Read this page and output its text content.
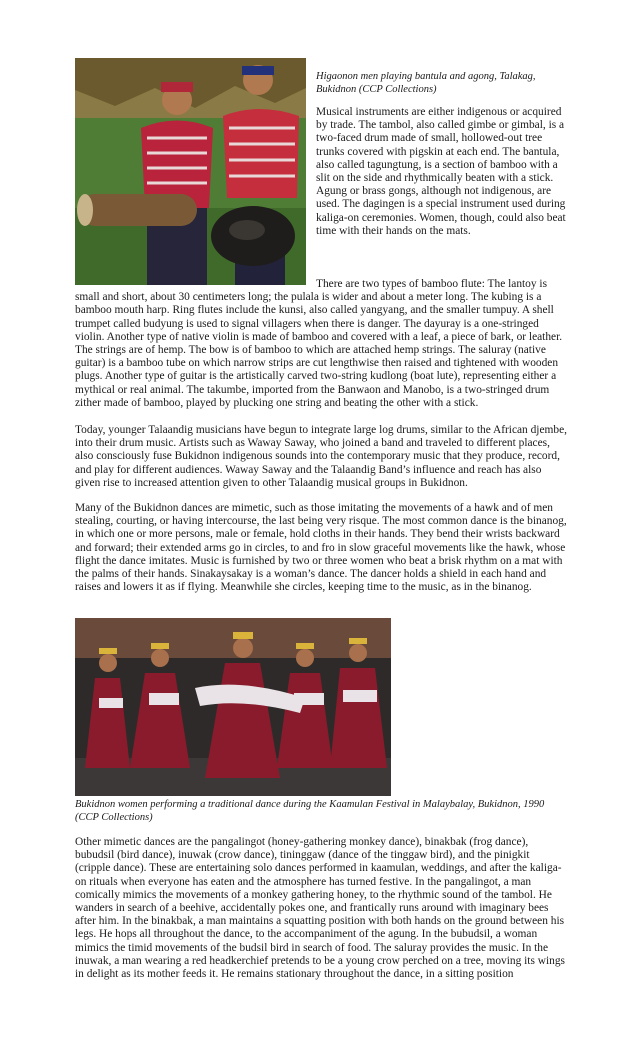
Higaonon men playing bantula and agong, Talakag, Bukidnon (CCP Collections)

Musical instruments are either indigenous or acquired by trade. The tambol, also called gimbe or gimbal, is a two-faced drum made of small, hollowed-out tree trunks covered with pigskin at each end. The bantula, also called tagungtung, is a section of bamboo with a slit on the side and rhythmically beaten with a stick. Agung or brass gongs, although not indigenous, are used. The dagingen is a special instrument used during kaliga-on ceremonies. Women, though, could also beat time with their hands on the mats.

There are two types of bamboo flute: The lantoy is small and short, about 30 centimeters long; the pulala is wider and about a meter long. The kubing is a bamboo mouth harp. Ring flutes include the kunsi, also called yangyang, and the smaller tumpuy. A shell trumpet called budyung is used to signal villagers when there is danger. The dayuray is a one-stringed violin. Another type of native violin is made of bamboo and covered with a leaf, a piece of bark, or leather. The strings are of hemp. The bow is of bamboo to which are attached hemp strings. The saluray (native guitar) is a bamboo tube on which narrow strips are cut lengthwise then raised and tightened with wooden plugs. Another type of guitar is the artistically carved two-string kudlong (boat lute), representing either a mythical or real animal. The takumbe, imported from the Banwaon and Manobo, is a two-stringed drum zither made of bamboo, played by plucking one string and beating the other with a stick.

Today, younger Talaandig musicians have begun to integrate large log drums, similar to the African djembe, into their drum music. Artists such as Waway Saway, who joined a band and traveled to different places, also consciously fuse Bukidnon indigenous sounds into the contemporary music that they produce, record, and play for different audiences. Waway Saway and the Talaandig Band’s influence and reach has also given rise to increased attention given to other Talaandig musical groups in Bukidnon.

Many of the Bukidnon dances are mimetic, such as those imitating the movements of a hawk and of men stealing, courting, or having intercourse, the last being very risque. The most common dance is the binanog, in which one or more persons, male or female, hold cloths in their hands. They bend their wrists backward and forward; their extended arms go in circles, to and fro in slow graceful movements like the hawk, whose flight the dance imitates. Music is furnished by two or three women who beat a brisk rhythm on a mat with the palms of their hands. Sinakaysakay is a woman’s dance. The dancer holds a shield in each hand and raises and lowers it as if flying. Meanwhile she circles, keeping time to the music, as in the binanog.

Bukidnon women performing a traditional dance during the Kaamulan Festival in Malaybalay, Bukidnon, 1990 (CCP Collections)

Other mimetic dances are the pangalingot (honey-gathering monkey dance), binakbak (frog dance), bubudsil (bird dance), inuwak (crow dance), tininggaw (dance of the tinggaw bird), and the pinigkit (cripple dance). These are entertaining solo dances performed in kaamulan, weddings, and after the kaliga-on rituals when everyone has eaten and the atmosphere has turned festive. In the pangalingot, a man comically mimics the movements of a monkey gathering honey, to the rhythmic sound of the tambol. He wanders in search of a beehive, accidentally pokes one, and frantically runs around with imaginary bees after him. In the binakbak, a man maintains a squatting position with both hands on the ground between his legs. He hops all throughout the dance, to the accompaniment of the agung. In the bubudsil, a woman mimics the timid movements of the budsil bird in search of food. The saluray provides the music. In the inuwak, a man wearing a red headkerchief pretends to be a young crow perched on a tree, moving its wings in delight as its mother feeds it. He remains stationary throughout the dance, in a sitting position
